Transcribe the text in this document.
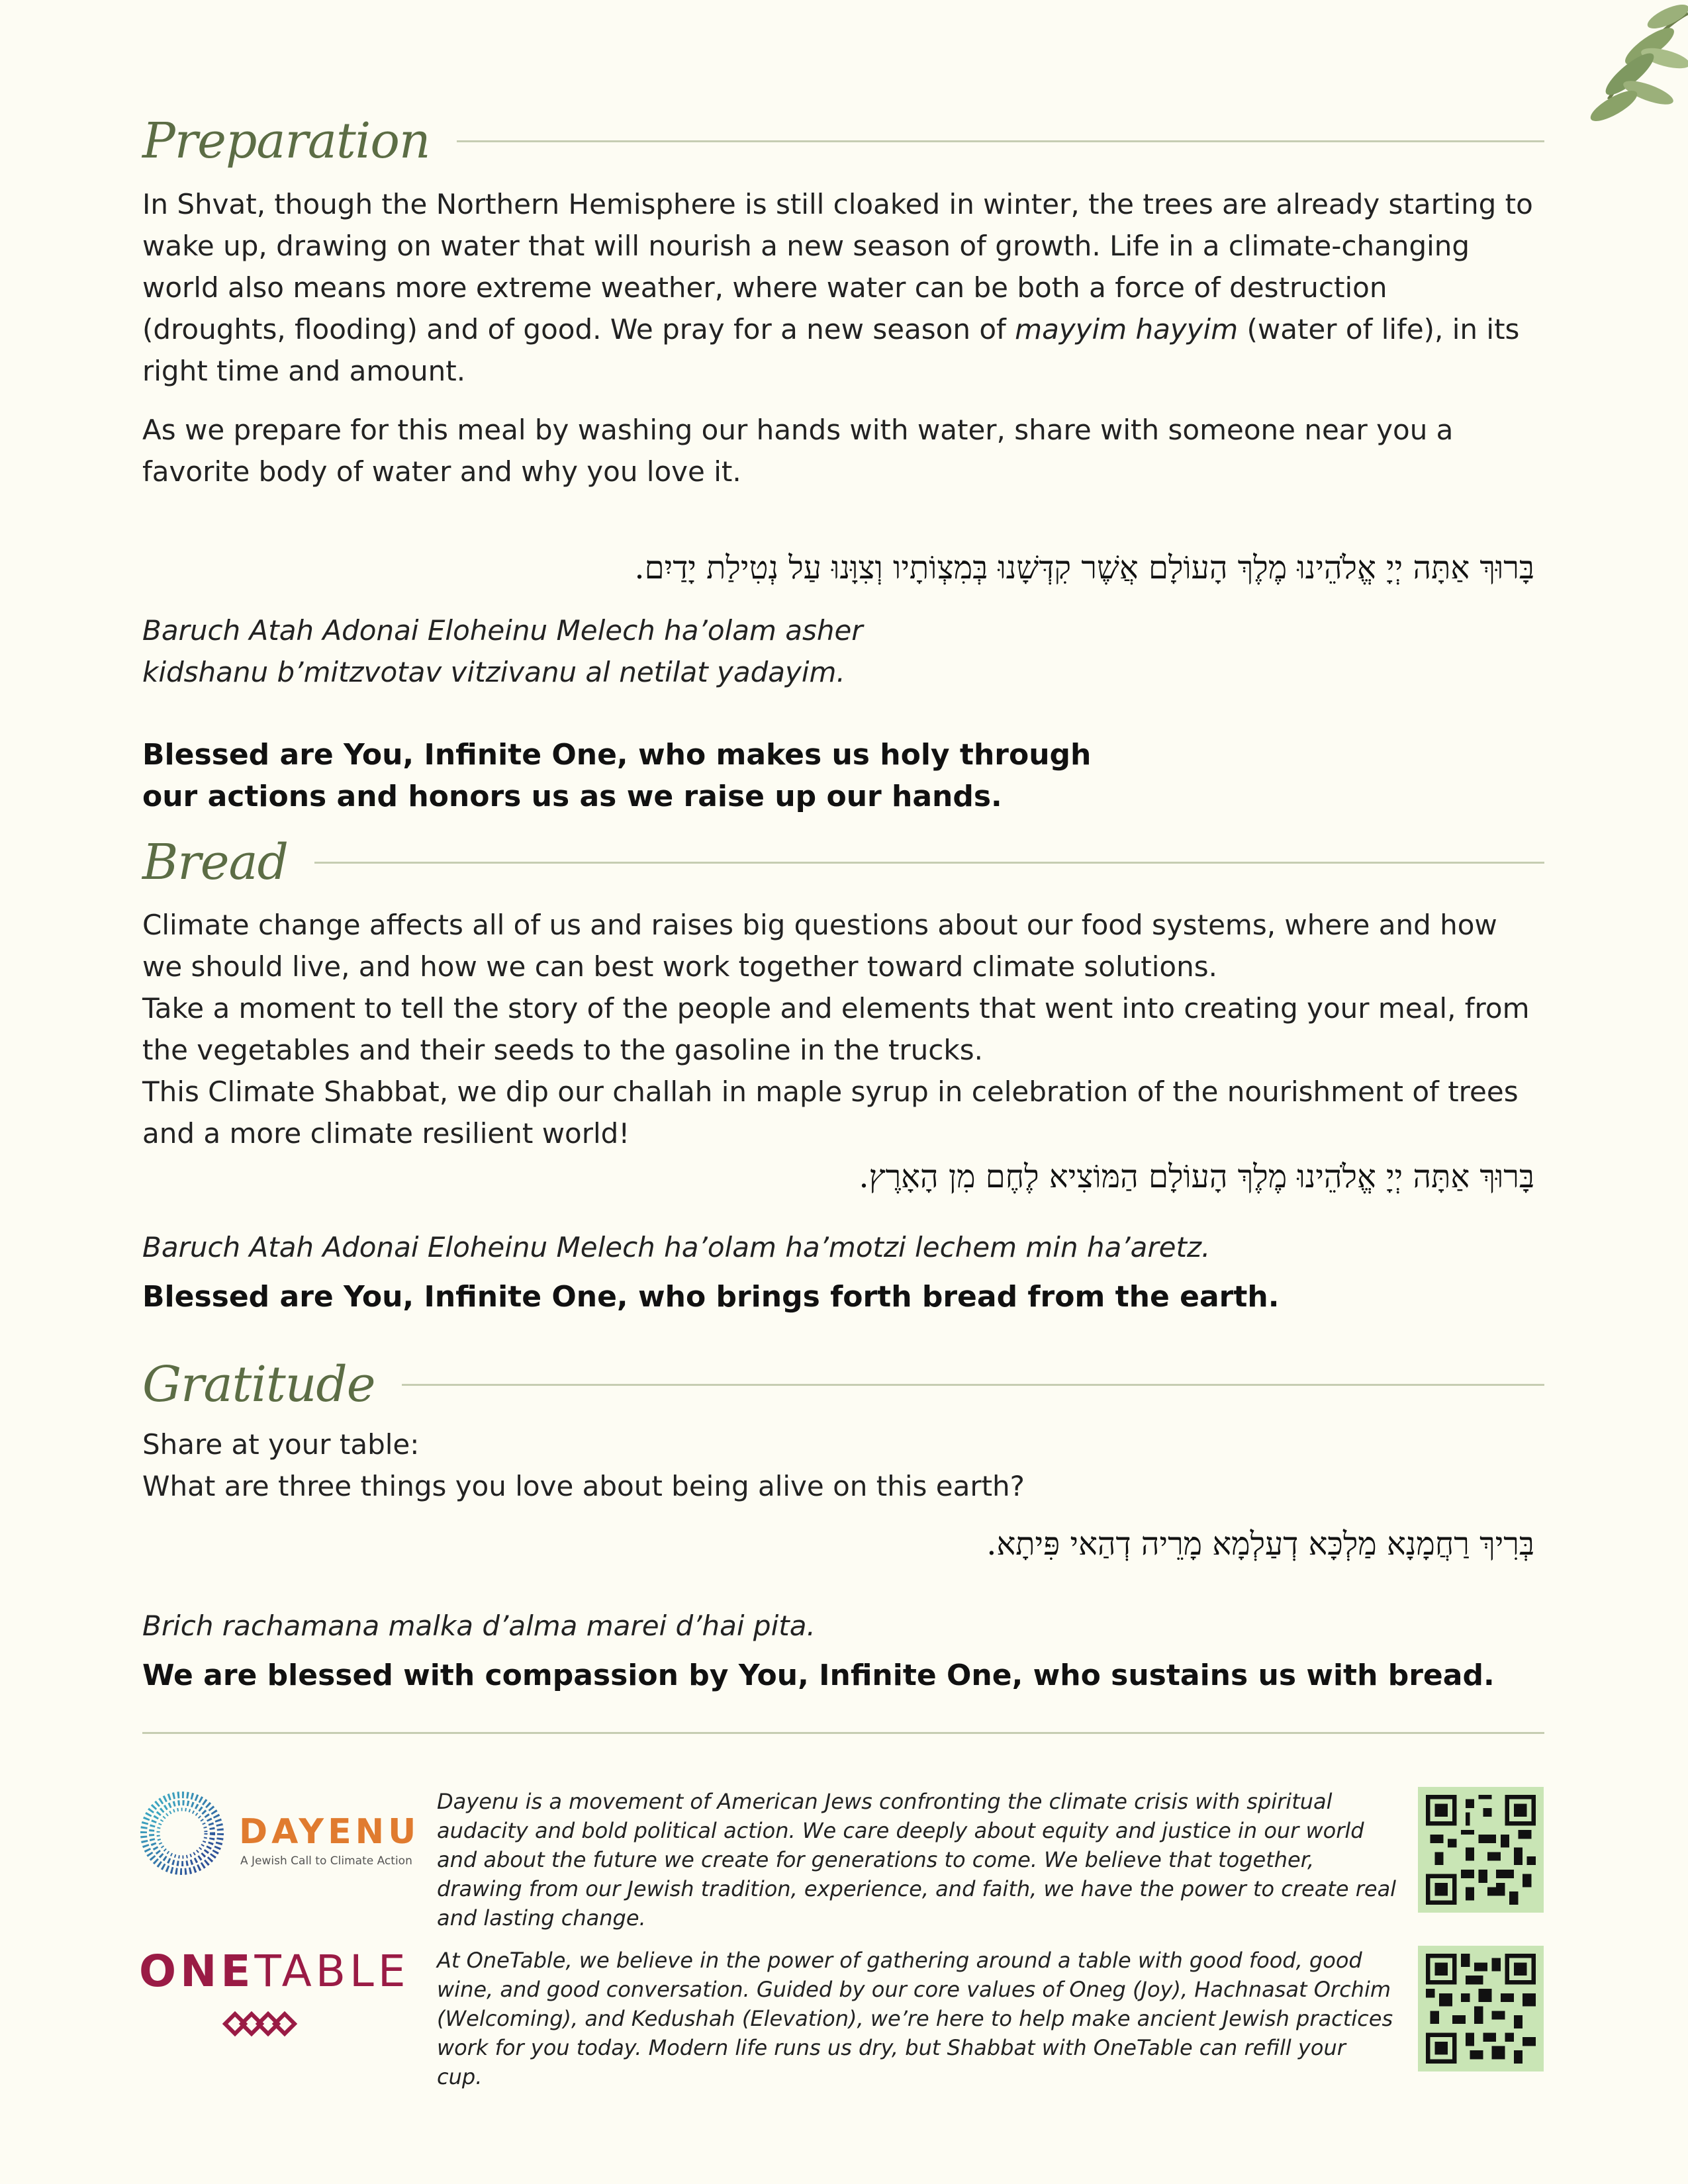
Preparation

In Shvat, though the Northern Hemisphere is still cloaked in winter, the trees are already starting to wake up, drawing on water that will nourish a new season of growth. Life in a climate-changing world also means more extreme weather, where water can be both a force of destruction (droughts, flooding) and of good. We pray for a new season of mayyim hayyim (water of life), in its right time and amount.

As we prepare for this meal by washing our hands with water, share with someone near you a favorite body of water and why you love it.

בָּרוּךְ אַתָּה יְיָ אֱלֹהֵינוּ מֶלֶךְ הָעוֹלָם אֲשֶׁר קִדְּשָׁנוּ בְּמִצְוֹתָיו וְצִוָּנוּ עַל נְטִילַת יָדַיִם.
Baruch Atah Adonai Eloheinu Melech ha’olam asher
kidshanu b’mitzvotav vitzivanu al netilat yadayim.
Blessed are You, Infinite One, who makes us holy through
our actions and honors us as we raise up our hands.
Bread

Climate change affects all of us and raises big questions about our food systems, where and how we should live, and how we can best work together toward climate solutions.

Take a moment to tell the story of the people and elements that went into creating your meal, from the vegetables and their seeds to the gasoline in the trucks.

This Climate Shabbat, we dip our challah in maple syrup in celebration of the nourishment of trees and a more climate resilient world!

בָּרוּךְ אַתָּה יְיָ אֱלֹהֵינוּ מֶלֶךְ הָעוֹלָם הַמּוֹצִיא לֶחֶם מִן הָאָרֶץ.
Baruch Atah Adonai Eloheinu Melech ha’olam ha’motzi lechem min ha’aretz.
Blessed are You, Infinite One, who brings forth bread from the earth.
Gratitude

Share at your table:

What are three things you love about being alive on this earth?

בְּרִיךְ רַחֲמָנָא מַלְכָּא דְעַלְמָא מָרֵיה דְהַאי פִּיתָא.
Brich rachamana malka d’alma marei d’hai pita.
We are blessed with compassion by You, Infinite One, who sustains us with bread.
DAYENU
A Jewish Call to Climate Action
Dayenu is a movement of American Jews confronting the climate crisis with spiritual audacity and bold political action. We care deeply about equity and justice in our world and about the future we create for generations to come. We believe that together, drawing from our Jewish tradition, experience, and faith, we have the power to create real and lasting change.
ONETABLE At OneTable, we believe in the power of gathering around a table with good food, good wine, and good conversation. Guided by our core values of Oneg (Joy), Hachnasat Orchim (Welcoming), and Kedushah (Elevation), we’re here to help make ancient Jewish practices work for you today. Modern life runs us dry, but Shabbat with OneTable can refill your cup.
